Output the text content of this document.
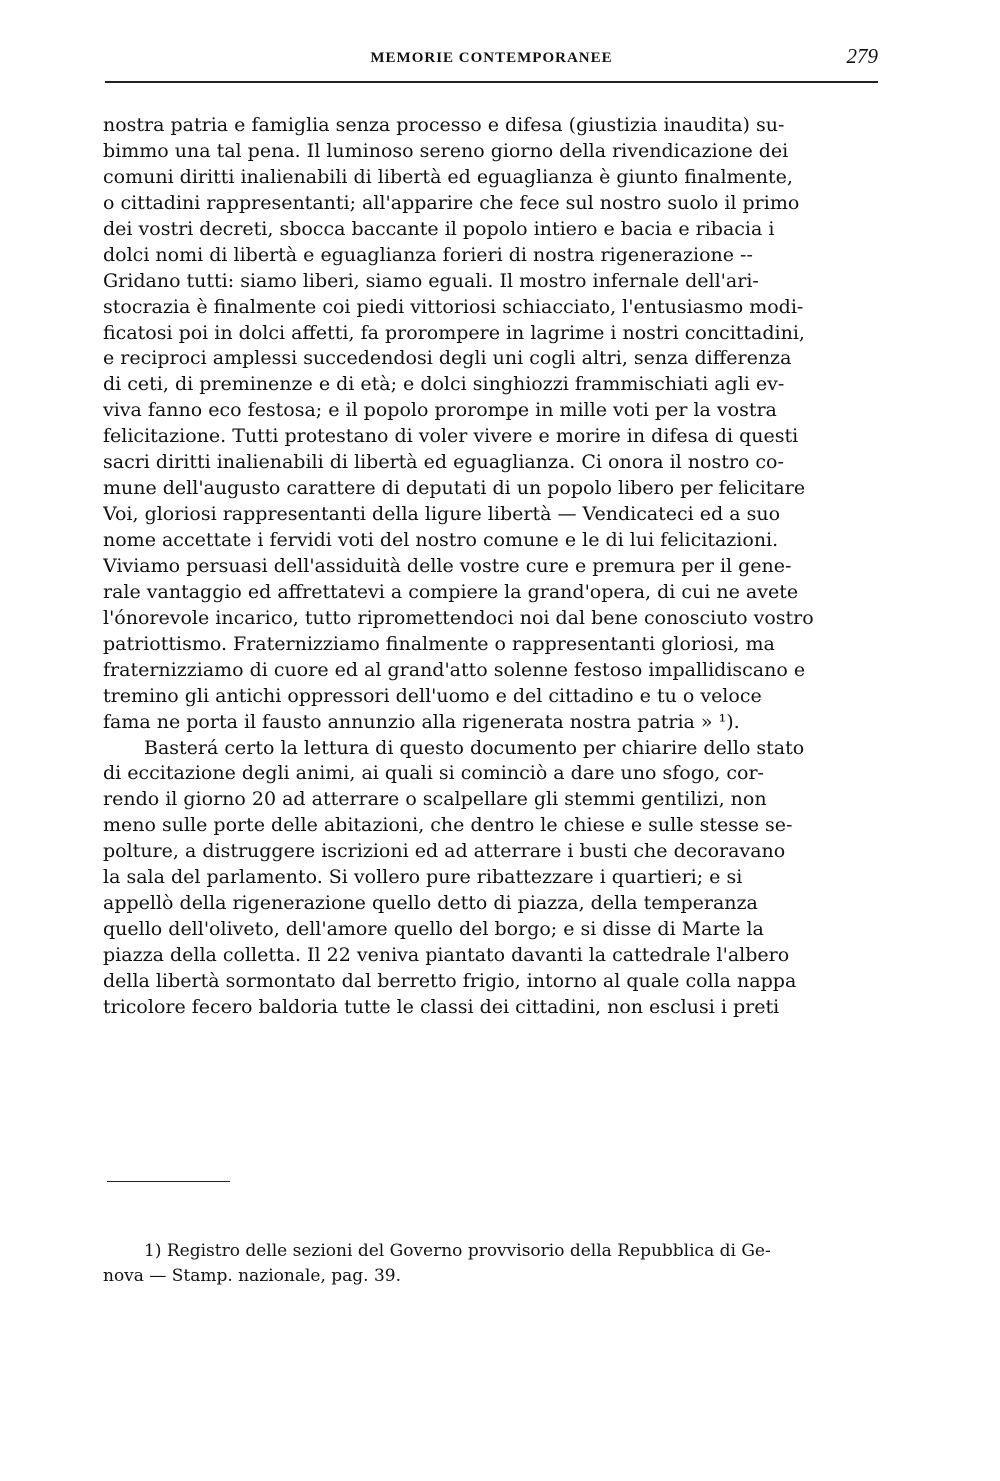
MEMORIE CONTEMPORANEE	279
nostra patria e famiglia senza processo e difesa (giustizia inaudita) su-
bimmo una tal pena. Il luminoso sereno giorno della rivendicazione dei
comuni diritti inalienabili di libertà ed eguaglianza è giunto finalmente,
o cittadini rappresentanti; all'apparire che fece sul nostro suolo il primo
dei vostri decreti, sbocca baccante il popolo intiero e bacia e ribacia i
dolci nomi di libertà e eguaglianza forieri di nostra rigenerazione --
Gridano tutti: siamo liberi, siamo eguali. Il mostro infernale dell'ari-
stocrazia è finalmente coi piedi vittoriosi schiacciato, l'entusiasmo modi-
ficatosi poi in dolci affetti, fa prorompere in lagrime i nostri concittadini,
e reciproci amplessi succedendosi degli uni cogli altri, senza differenza
di ceti, di preminenze e di età; e dolci singhiozzi frammischiati agli ev-
viva fanno eco festosa; e il popolo prorompe in mille voti per la vostra
felicitazione. Tutti protestano di voler vivere e morire in difesa di questi
sacri diritti inalienabili di libertà ed eguaglianza. Ci onora il nostro co-
mune dell'augusto carattere di deputati di un popolo libero per felicitare
Voi, gloriosi rappresentanti della ligure libertà — Vendicateci ed a suo
nome accettate i fervidi voti del nostro comune e le di lui felicitazioni.
Viviamo persuasi dell'assiduità delle vostre cure e premura per il gene-
rale vantaggio ed affrettatevi a compiere la grand'opera, di cui ne avete
l'ónorevole incarico, tutto ripromettendoci noi dal bene conosciuto vostro
patriottismo. Fraternizziamo finalmente o rappresentanti gloriosi, ma
fraternizziamo di cuore ed al grand'atto solenne festoso impallidiscano e
tremino gli antichi oppressori dell'uomo e del cittadino e tu o veloce
fama ne porta il fausto annunzio alla rigenerata nostra patria » ¹).
Basterá certo la lettura di questo documento per chiarire dello stato
di eccitazione degli animi, ai quali si cominciò a dare uno sfogo, cor-
rendo il giorno 20 ad atterrare o scalpellare gli stemmi gentilizi, non
meno sulle porte delle abitazioni, che dentro le chiese e sulle stesse se-
polture, a distruggere iscrizioni ed ad atterrare i busti che decoravano
la sala del parlamento. Si vollero pure ribattezzare i quartieri; e si
appellò della rigenerazione quello detto di piazza, della temperanza
quello dell'oliveto, dell'amore quello del borgo; e si disse di Marte la
piazza della colletta. Il 22 veniva piantato davanti la cattedrale l'albero
della libertà sormontato dal berretto frigio, intorno al quale colla nappa
tricolore fecero baldoria tutte le classi dei cittadini, non esclusi i preti
1) Registro delle sezioni del Governo provvisorio della Repubblica di Ge-
nova — Stamp. nazionale, pag. 39.
